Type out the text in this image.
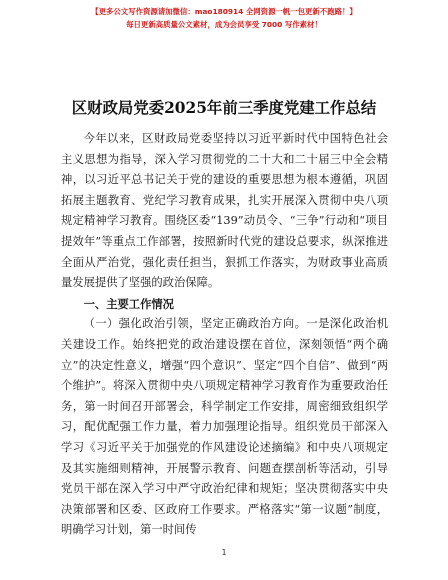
【更多公文写作资源请加微信：mao180914 全网资源一帆一包更新不跑路！】
每日更新高质量公文素材，成为会员享受 7000 写作素材！
区财政局党委2025年前三季度党建工作总结

今年以来，区财政局党委坚持以习近平新时代中国特色社会主义思想为指导，深入学习贯彻党的二十大和二十届三中全会精神，以习近平总书记关于党的建设的重要思想为根本遵循，巩固拓展主题教育、党纪学习教育成果，扎实开展深入贯彻中央八项规定精神学习教育。围绕区委“139”动员令、“三争”行动和“项目提效年”等重点工作部署，按照新时代党的建设总要求，纵深推进全面从严治党，强化责任担当，狠抓工作落实，为财政事业高质量发展提供了坚强的政治保障。

一、主要工作情况

（一）强化政治引领，坚定正确政治方向。一是深化政治机关建设工作。始终把党的政治建设摆在首位，深刻领悟“两个确立”的决定性意义，增强“四个意识”、坚定“四个自信”、做到“两个维护”。将深入贯彻中央八项规定精神学习教育作为重要政治任务，第一时间召开部署会，科学制定工作安排，周密细致组织学习，配优配强工作力量，着力加强理论指导。组织党员干部深入学习《习近平关于加强党的作风建设论述摘编》和中央八项规定及其实施细则精神，开展警示教育、问题查摆剖析等活动，引导党员干部在深入学习中严守政治纪律和规矩；坚决贯彻落实中央决策部署和区委、区政府工作要求。严格落实“第一议题”制度，明确学习计划，第一时间传

1
